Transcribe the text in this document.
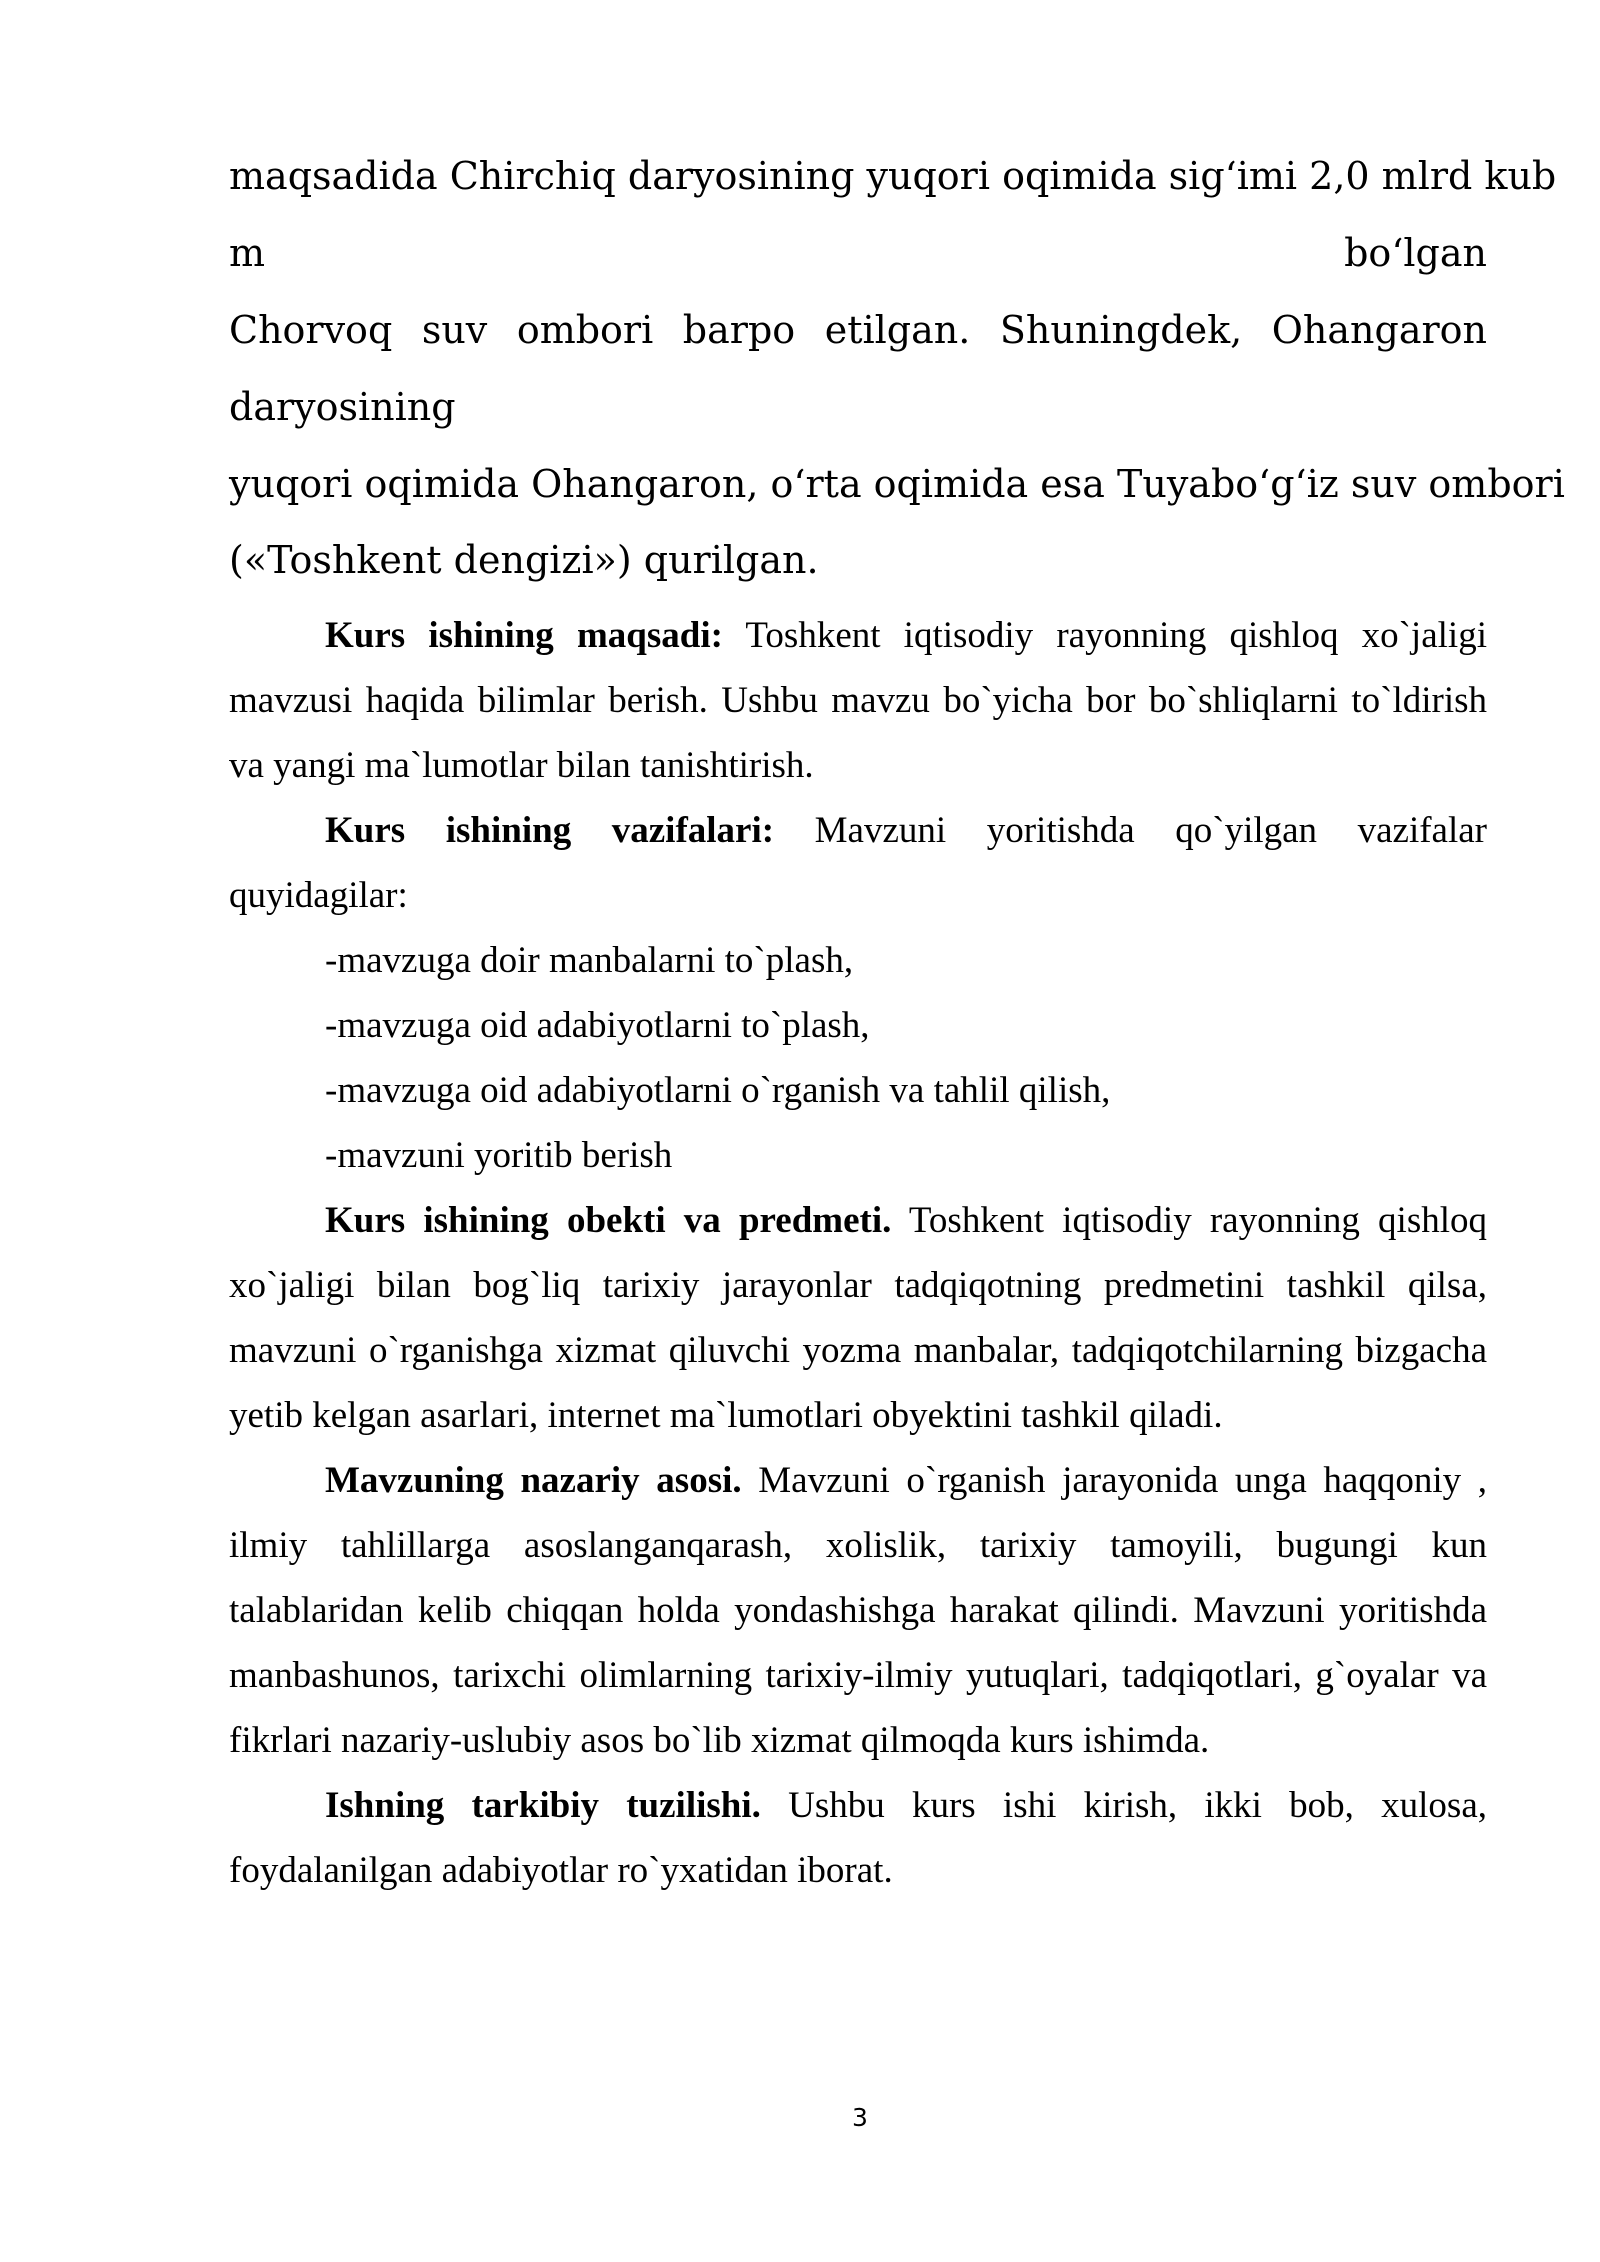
maqsadida Chirchiq daryosining yuqori oqimida sig‘imi 2,0 mlrd kub
m	bo‘lgan
Chorvoq suv ombori barpo etilgan. Shuningdek, Ohangaron
daryosining
yuqori oqimida Ohangaron, o‘rta oqimida esa Tuyabo‘g‘iz suv ombori
(«Toshkent dengizi») qurilgan.

Kurs ishining maqsadi: Toshkent iqtisodiy rayonning qishloq xo`jaligi mavzusi haqida bilimlar berish. Ushbu mavzu bo`yicha bor bo`shliqlarni to`ldirish va yangi ma`lumotlar bilan tanishtirish.

Kurs ishining vazifalari: Mavzuni yoritishda qo`yilgan vazifalar quyidagilar:

-mavzuga doir manbalarni to`plash,

-mavzuga oid adabiyotlarni to`plash,

-mavzuga oid adabiyotlarni o`rganish va tahlil qilish,

-mavzuni yoritib berish

Kurs ishining obekti va predmeti. Toshkent iqtisodiy rayonning qishloq xo`jaligi bilan bog`liq tarixiy jarayonlar tadqiqotning predmetini tashkil qilsa, mavzuni o`rganishga xizmat qiluvchi yozma manbalar, tadqiqotchilarning bizgacha yetib kelgan asarlari, internet ma`lumotlari obyektini tashkil qiladi.

Mavzuning nazariy asosi. Mavzuni o`rganish jarayonida unga haqqoniy , ilmiy tahlillarga asoslanganqarash, xolislik, tarixiy tamoyili, bugungi kun talablaridan kelib chiqqan holda yondashishga harakat qilindi. Mavzuni yoritishda manbashunos, tarixchi olimlarning tarixiy-ilmiy yutuqlari, tadqiqotlari, g`oyalar va fikrlari nazariy-uslubiy asos bo`lib xizmat qilmoqda kurs ishimda.

Ishning tarkibiy tuzilishi. Ushbu kurs ishi kirish, ikki bob, xulosa, foydalanilgan adabiyotlar ro`yxatidan iborat.

3
